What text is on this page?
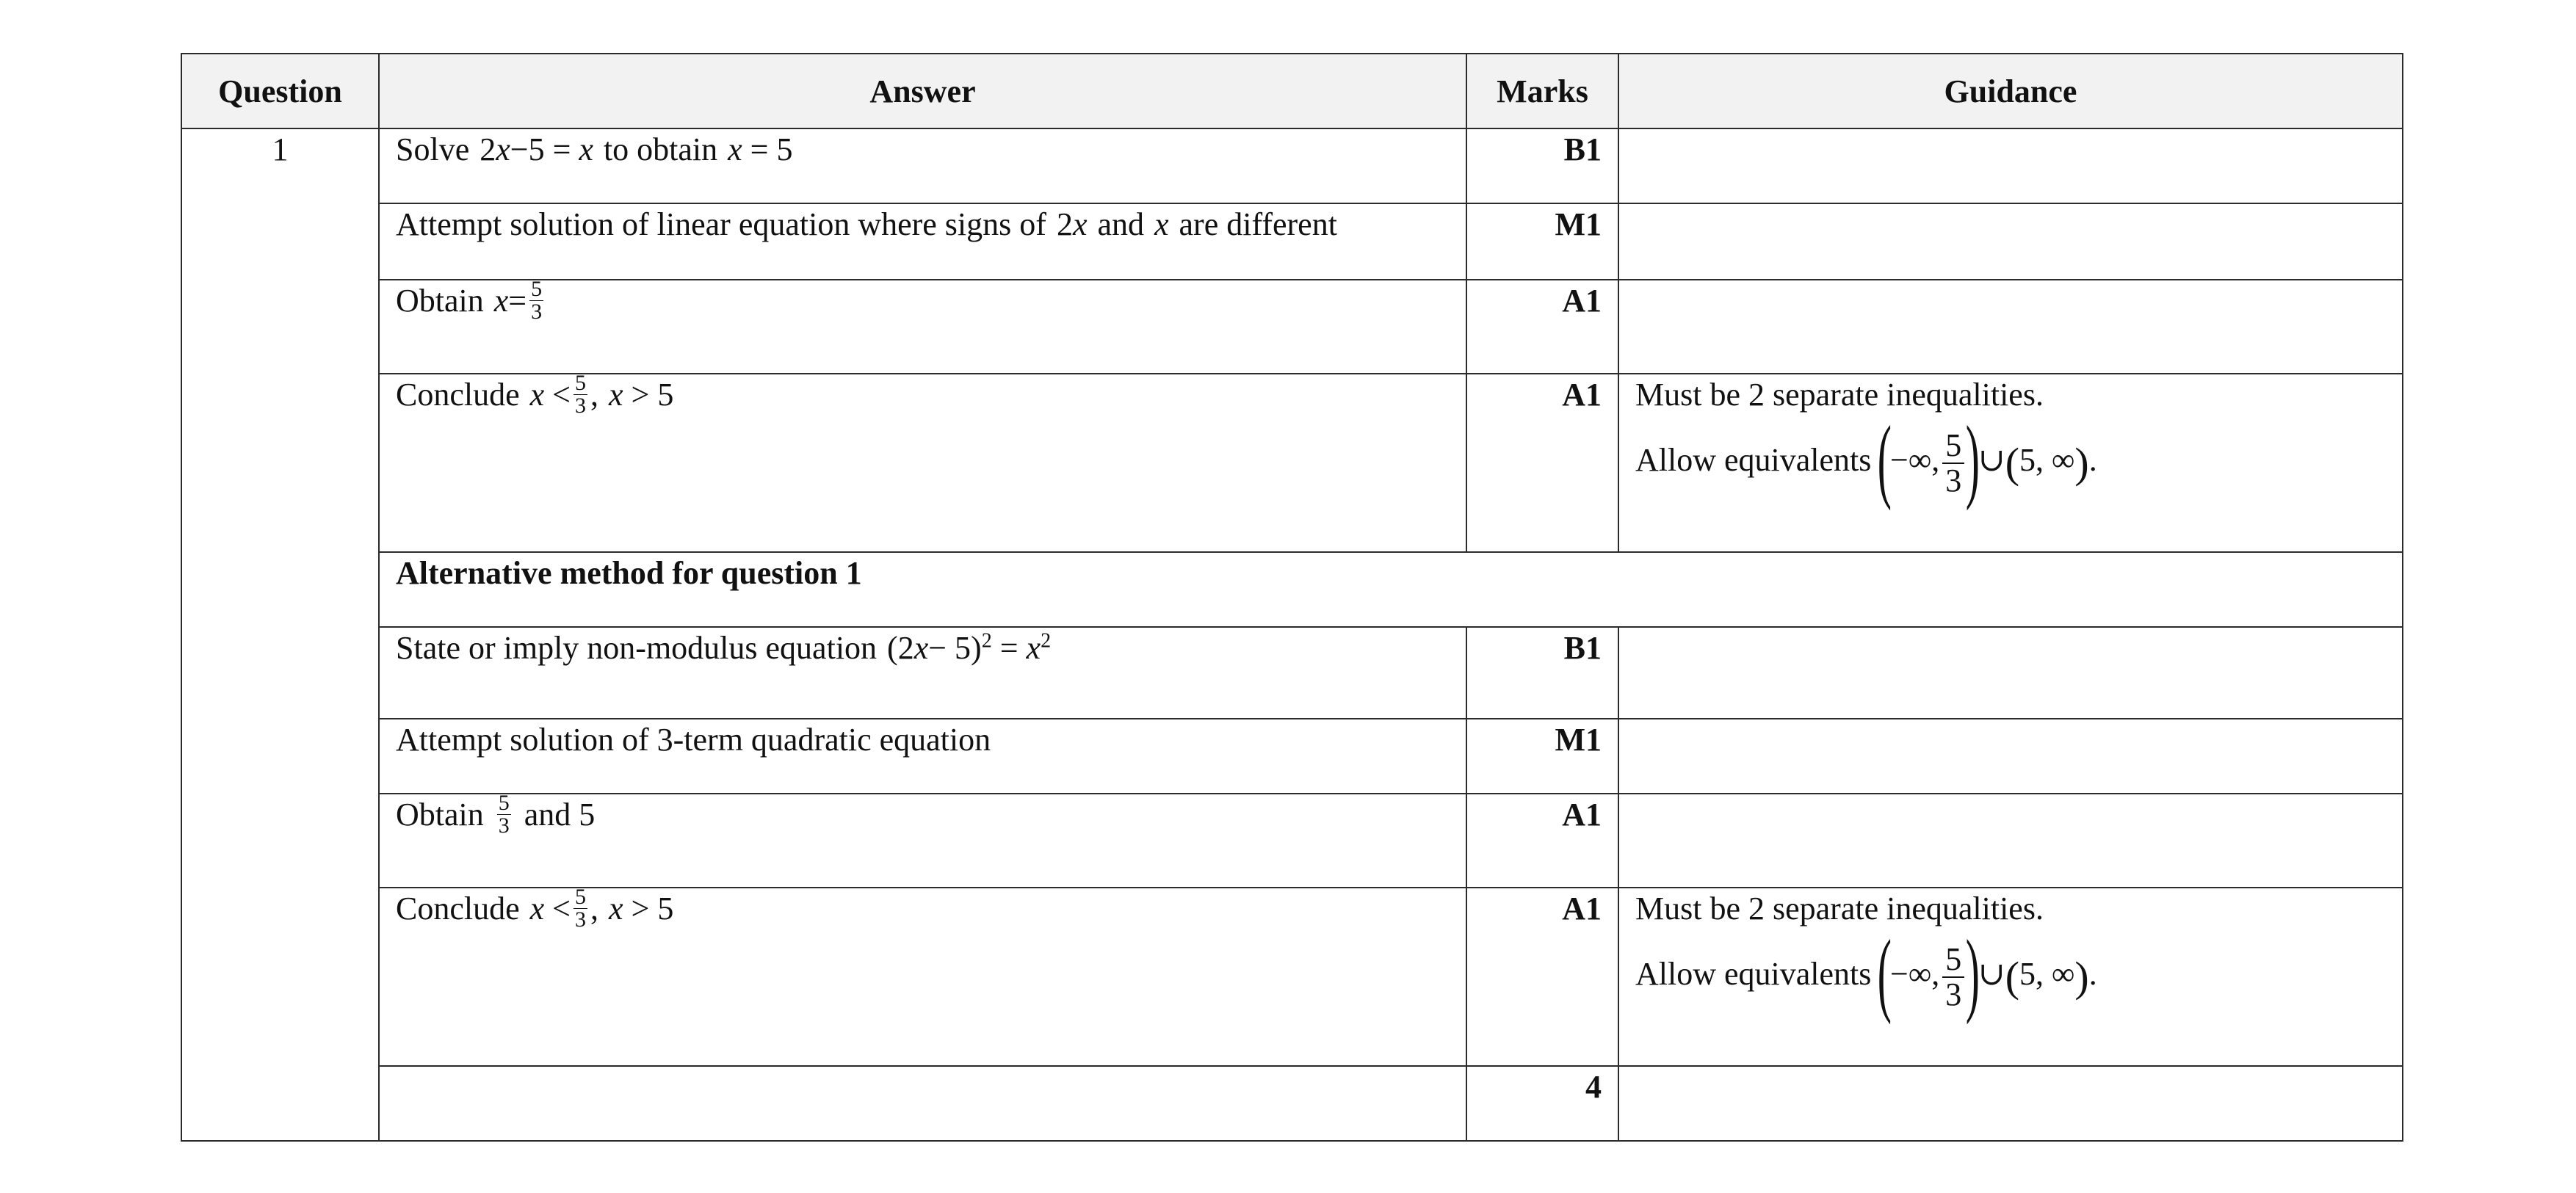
Question	Answer	Marks	Guidance
1	Solve 2x−5 = x to obtain x = 5	B1	
	Attempt solution of linear equation where signs of 2x and x are different	M1	
	Obtain $x= \frac{5}{3}$	A1	
	Conclude $x < \frac{5}{3}$ , x > 5	A1	Must be 2 separate inequalities.
Allow equivalents (−∞, $\frac{5}{3}$ )∪(5, ∞).

	Alternative method for question 1		
	State or imply non-modulus equation $(2x- 5)^2 = x^2$	B1	
	Attempt solution of 3-term quadratic equation	M1	
	Obtain $\frac{5}{3}$ and 5	A1	
	Conclude $x < \frac{5}{3}$ , x > 5	A1	Must be 2 separate inequalities.
Allow equivalents (−∞, $\frac{5}{3}$ )∪(5, ∞).

		4	
